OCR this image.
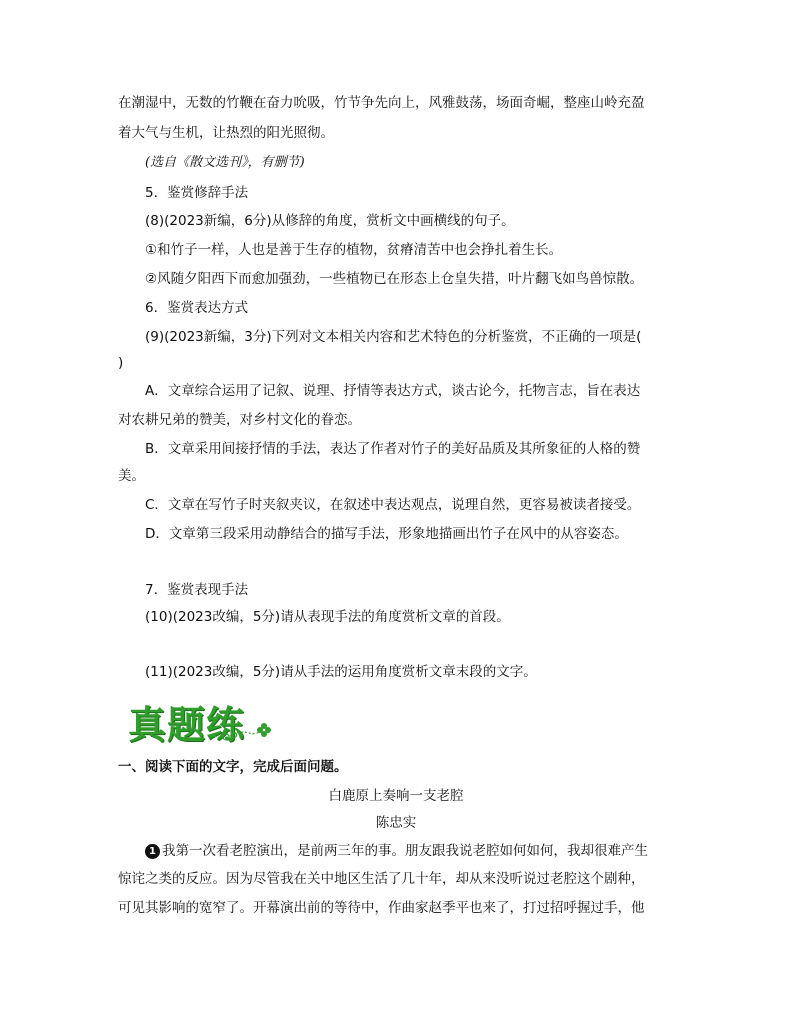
在潮湿中，无数的竹鞭在奋力吮吸，竹节争先向上，风雅鼓荡，场面奇崛，整座山岭充盈
着大气与生机，让热烈的阳光照彻。
(选自《散文选刊》，有删节)
5．鉴赏修辞手法
(8)(2023新编，6分)从修辞的角度，赏析文中画横线的句子。
①和竹子一样，人也是善于生存的植物，贫瘠清苦中也会挣扎着生长。
②风随夕阳西下而愈加强劲，一些植物已在形态上仓皇失措，叶片翻飞如鸟兽惊散。
6．鉴赏表达方式
(9)(2023新编，3分)下列对文本相关内容和艺术特色的分析鉴赏，不正确的一项是(
)
A．文章综合运用了记叙、说理、抒情等表达方式，谈古论今，托物言志，旨在表达
对农耕兄弟的赞美，对乡村文化的眷恋。
B．文章采用间接抒情的手法，表达了作者对竹子的美好品质及其所象征的人格的赞
美。
C．文章在写竹子时夹叙夹议，在叙述中表达观点，说理自然，更容易被读者接受。
D．文章第三段采用动静结合的描写手法，形象地描画出竹子在风中的从容姿态。
7．鉴赏表现手法
(10)(2023改编，5分)请从表现手法的角度赏析文章的首段。
(11)(2023改编，5分)请从手法的运用角度赏析文章末段的文字。
真题练
一、阅读下面的文字，完成后面问题。
白鹿原上奏响一支老腔
陈忠实
1 我第一次看老腔演出，是前两三年的事。朋友跟我说老腔如何如何，我却很难产生
惊诧之类的反应。因为尽管我在关中地区生活了几十年，却从来没听说过老腔这个剧种，
可见其影响的宽窄了。开幕演出前的等待中，作曲家赵季平也来了，打过招呼握过手，他
